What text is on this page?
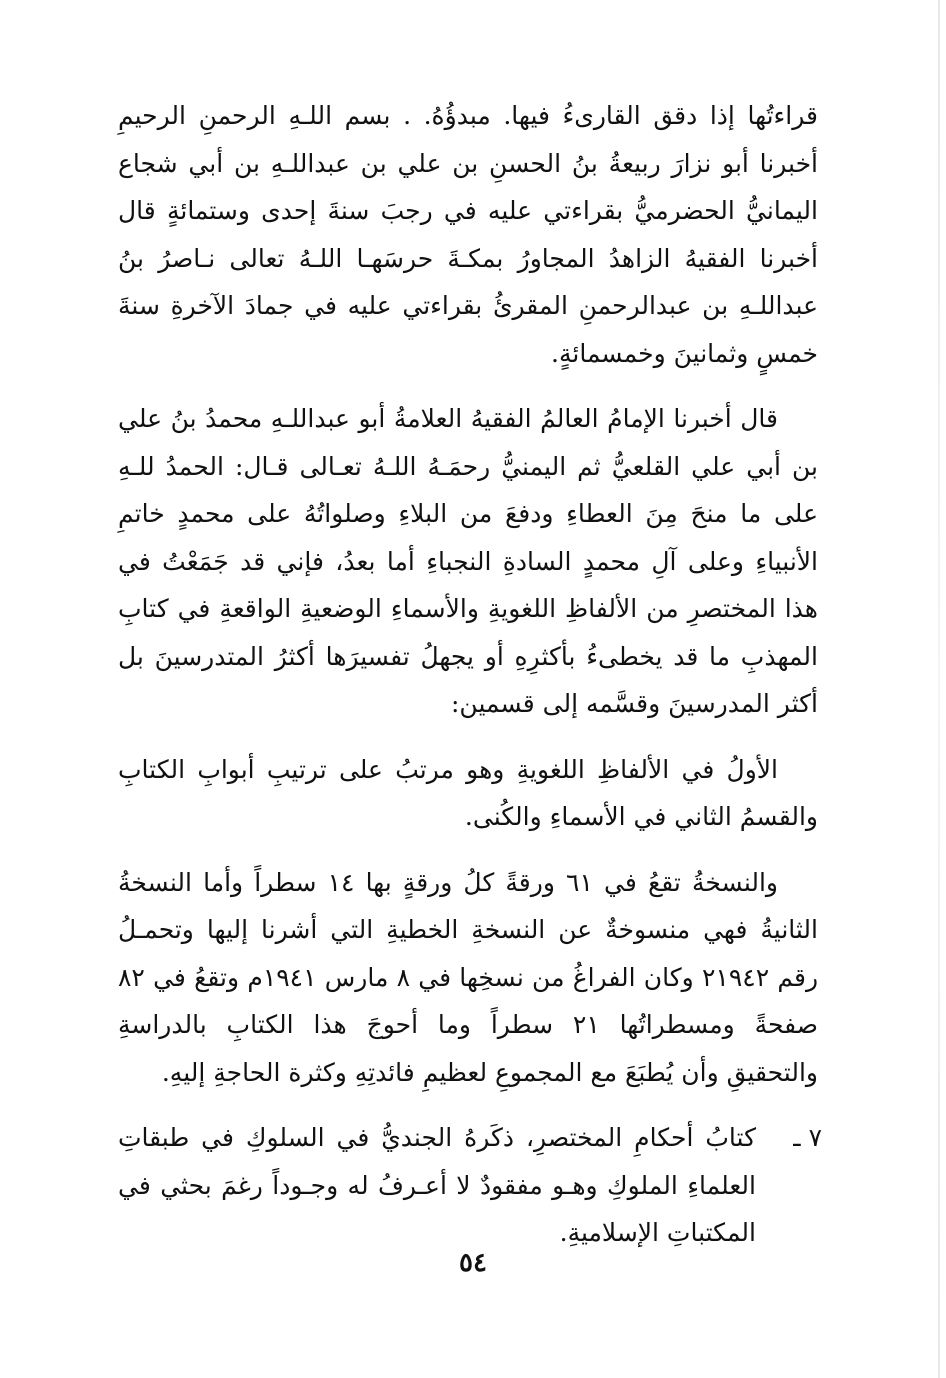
قراءتُها إذا دقق القارىءُ فيها. مبدؤُهُ. . بسم اللـهِ الرحمنِ الرحيمِ أخبرنا أبو نزارَ ربيعةُ بنُ الحسنِ بن علي بن عبداللـهِ بن أبي شجاع اليمانيُّ الحضرميُّ بقراءتي عليه في رجبَ سنةَ إحدى وستمائةٍ قال أخبرنا الفقيهُ الزاهدُ المجاورُ بمكـةَ حرسَهـا اللـهُ تعالى نـاصرُ بنُ عبداللـهِ بن عبدالرحمنِ المقرئُ بقراءتي عليه في جمادَ الآخرةِ سنةَ خمسٍ وثمانينَ وخمسمائةٍ.

قال أخبرنا الإمامُ العالمُ الفقيهُ العلامةُ أبو عبداللـهِ محمدُ بنُ علي بن أبي علي القلعيُّ ثم اليمنيُّ رحمَـهُ اللـهُ تعـالى قـال: الحمدُ للـهِ على ما منحَ مِنَ العطاءِ ودفعَ من البلاءِ وصلواتُهُ على محمدٍ خاتمِ الأنبياءِ وعلى آلِ محمدٍ السادةِ النجباءِ أما بعدُ، فإني قد جَمَعْتُ في هذا المختصرِ من الألفاظِ اللغويةِ والأسماءِ الوضعيةِ الواقعةِ في كتابِ المهذبِ ما قد يخطىءُ بأكثرِهِ أو يجهلُ تفسيرَها أكثرُ المتدرسينَ بل أكثر المدرسينَ وقسَّمه إلى قسمين:

الأولُ في الألفاظِ اللغويةِ وهو مرتبُ على ترتيبِ أبوابِ الكتابِ والقسمُ الثاني في الأسماءِ والكُنى.

والنسخةُ تقعُ في ٦١ ورقةً كلُ ورقةٍ بها ١٤ سطراً وأما النسخةُ الثانيةُ فهي منسوخةٌ عن النسخةِ الخطيةِ التي أشرنا إليها وتحمـلُ رقم ٢١٩٤٢ وكان الفراغُ من نسخِها في ٨ مارس ١٩٤١م وتقعُ في ٨٢ صفحةً ومسطراتُها ٢١ سطراً وما أحوجَ هذا الكتابِ بالدراسةِ والتحقيقِ وأن يُطبَعَ مع المجموعِ لعظيمِ فائدتِهِ وكثرة الحاجةِ إليهِ.

٧ ـ

كتابُ أحكامِ المختصرِ، ذكَرهُ الجنديُّ في السلوكِ في طبقاتِ العلماءِ الملوكِ وهـو مفقودٌ لا أعـرفُ له وجـوداً رغمَ بحثي في المكتباتِ الإسلاميةِ.

٥٤
